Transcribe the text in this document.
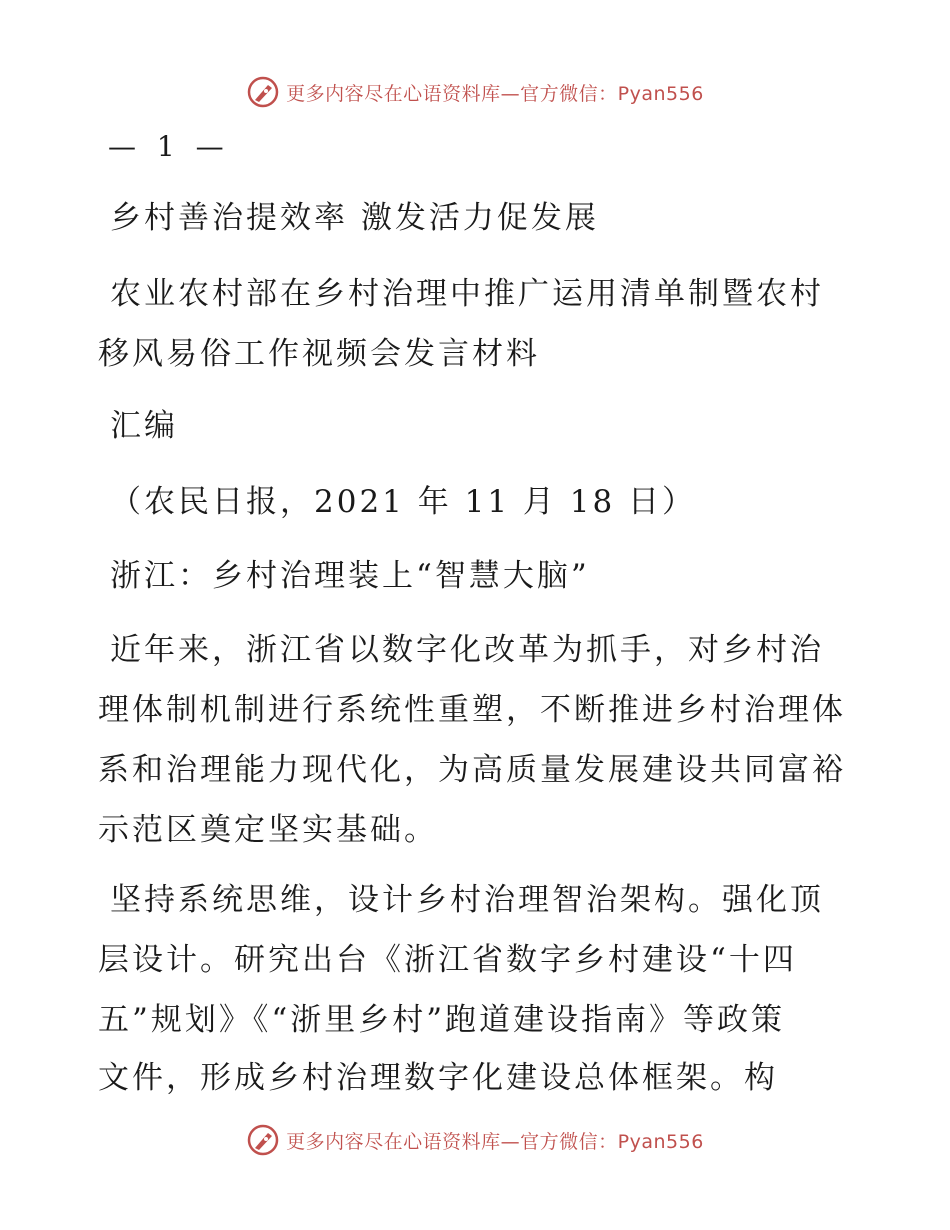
更多内容尽在心语资料库—官方微信：Pyan556
— 1 —
乡村善治提效率 激发活力促发展
农业农村部在乡村治理中推广运用清单制暨农村
移风易俗工作视频会发言材料
汇编
（农民日报，2021 年 11 月 18 日）
浙江：乡村治理装上“智慧大脑”
近年来，浙江省以数字化改革为抓手，对乡村治
理体制机制进行系统性重塑，不断推进乡村治理体
系和治理能力现代化，为高质量发展建设共同富裕
示范区奠定坚实基础。
坚持系统思维，设计乡村治理智治架构。强化顶
层设计。研究出台《浙江省数字乡村建设“十四
五”规划》《“浙里乡村”跑道建设指南》等政策
文件，形成乡村治理数字化建设总体框架。构
更多内容尽在心语资料库—官方微信：Pyan556
